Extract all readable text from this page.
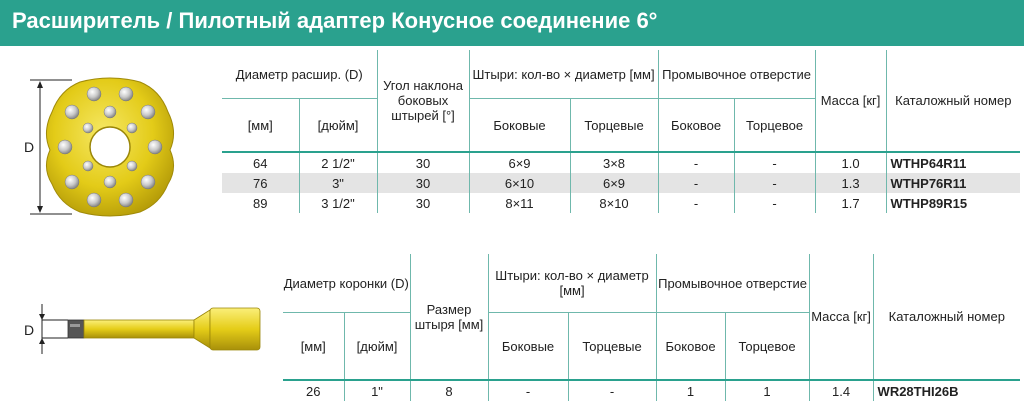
Расширитель / Пилотный адаптер Конусное соединение 6°
D
Диаметр расшир. (D)		Угол наклона боковых штырей [°]	Штыри: кол-во × диаметр [мм]		Промывочное отверстие		Масса [кг]	Каталожный номер
[мм]	[дюйм]		Боковые	Торцевые	Боковое	Торцевое		
64	2 1/2"	30	6×9	3×8	-	-	1.0	WTHP64R11
76	3"	30	6×10	6×9	-	-	1.3	WTHP76R11
89	3 1/2"	30	8×11	8×10	-	-	1.7	WTHP89R15
D
Диаметр коронки (D)		Размер штыря [мм]	Штыри: кол-во × диаметр [мм]		Промывочное отверстие		Масса [кг]	Каталожный номер
[мм]	[дюйм]		Боковые	Торцевые	Боковое	Торцевое		
26	1"	8	-	-	1	1	1.4	WR28THI26B
